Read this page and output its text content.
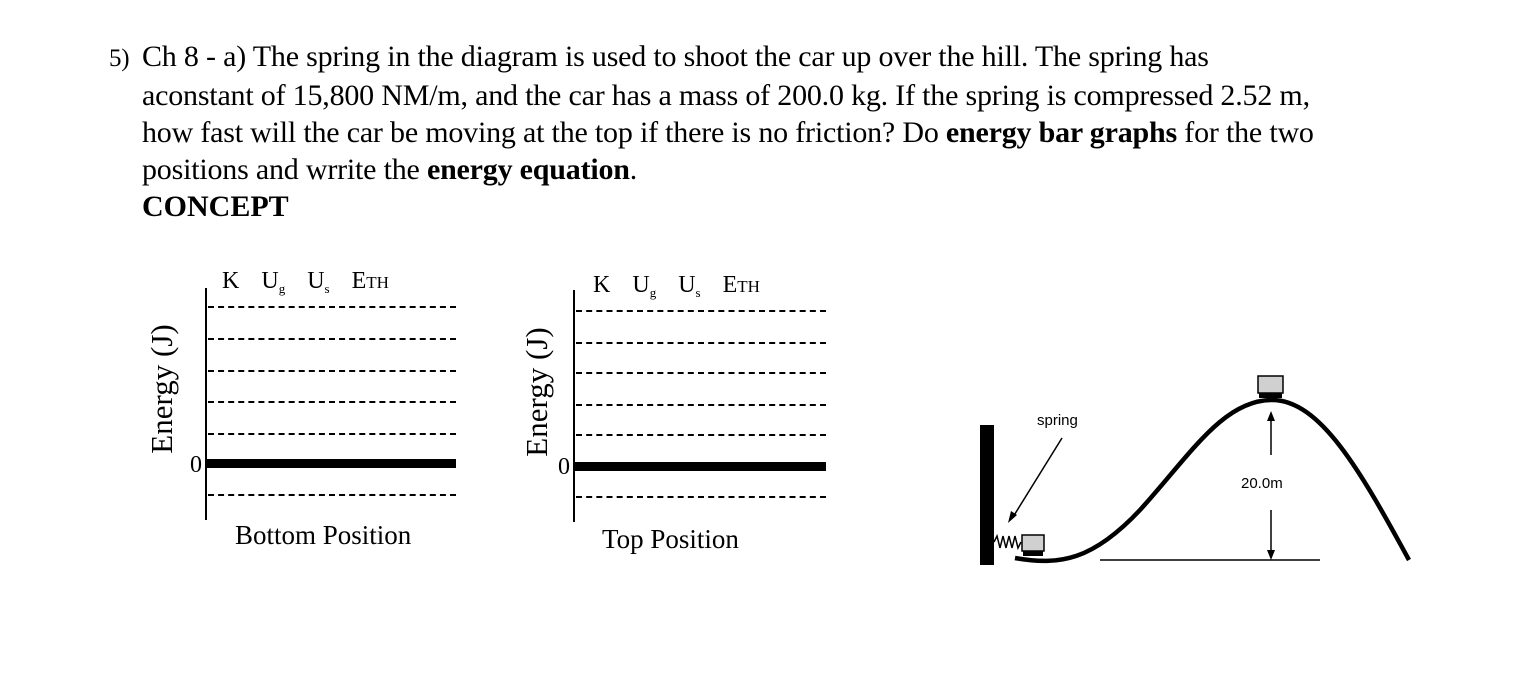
5) Ch 8 - a) The spring in the diagram is used to shoot the car up over the hill. The spring has
aconstant of 15,800 NM/m, and the car has a mass of 200.0 kg. If the spring is compressed 2.52 m,
how fast will the car be moving at the top if there is no friction? Do energy bar graphs for the two
positions and wrrite the energy equation.
CONCEPT
Energy (J)
0
K $U_g$ $U_s$ ETH
Bottom Position
Energy (J)
0
K $U_g$ $U_s$ ETH
Top Position
spring
20.0m
